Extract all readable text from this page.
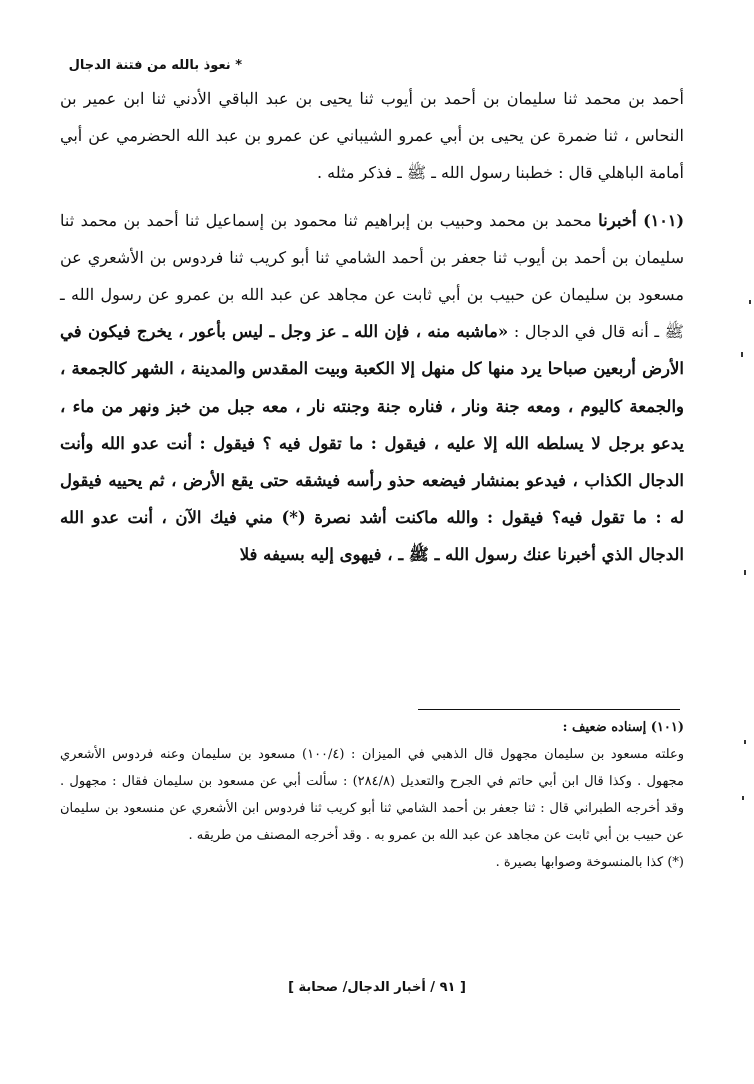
* نعوذ بالله من فتنة الدجال

أحمد بن محمد ثنا سليمان بن أحمد بن أيوب ثنا يحيى بن عبد الباقي الأدني ثنا ابن عمير بن النحاس ، ثنا ضمرة عن يحيى بن أبي عمرو الشيباني عن عمرو بن عبد الله الحضرمي عن أبي أمامة الباهلي قال : خطبنا رسول الله ـ ﷺ ـ فذكر مثله .

(١٠١) أخبرنا محمد بن محمد وحبيب بن إبراهيم ثنا محمود بن إسماعيل ثنا أحمد بن محمد ثنا سليمان بن أحمد بن أيوب ثنا جعفر بن أحمد الشامي ثنا أبو كريب ثنا فردوس بن الأشعري عن مسعود بن سليمان عن حبيب بن أبي ثابت عن مجاهد عن عبد الله بن عمرو عن رسول الله ـ ﷺ ـ أنه قال في الدجال : «ماشبه منه ، فإن الله ـ عز وجل ـ ليس بأعور ، يخرج فيكون في الأرض أربعين صباحا يرد منها كل منهل إلا الكعبة وبيت المقدس والمدينة ، الشهر كالجمعة ، والجمعة كاليوم ، ومعه جنة ونار ، فناره جنة وجنته نار ، معه جبل من خبز ونهر من ماء ، يدعو برجل لا يسلطه الله إلا عليه ، فيقول : ما تقول فيه ؟ فيقول : أنت عدو الله وأنت الدجال الكذاب ، فيدعو بمنشار فيضعه حذو رأسه فيشقه حتى يقع الأرض ، ثم يحييه فيقول له : ما تقول فيه؟ فيقول : والله ماكنت أشد نصرة (*) مني فيك الآن ، أنت عدو الله الدجال الذي أخبرنا عنك رسول الله ـ ﷺ ـ ، فيهوى إليه بسيفه فلا

(١٠١) إسناده ضعيف :

وعلته مسعود بن سليمان مجهول قال الذهبي في الميزان : (١٠٠/٤) مسعود بن سليمان وعنه فردوس الأشعري مجهول . وكذا قال ابن أبي حاتم في الجرح والتعديل (٢٨٤/٨) : سألت أبي عن مسعود بن سليمان فقال : مجهول . وقد أخرجه الطبراني قال : ثنا جعفر بن أحمد الشامي ثنا أبو كريب ثنا فردوس ابن الأشعري عن منسعود بن سليمان عن حبيب بن أبي ثابت عن مجاهد عن عبد الله بن عمرو به . وقد أخرجه المصنف من طريقه .

(*) كذا بالمنسوخة وصوابها بصيرة .

[ ٩١ / أخبار الدجال/ صحابة ]
